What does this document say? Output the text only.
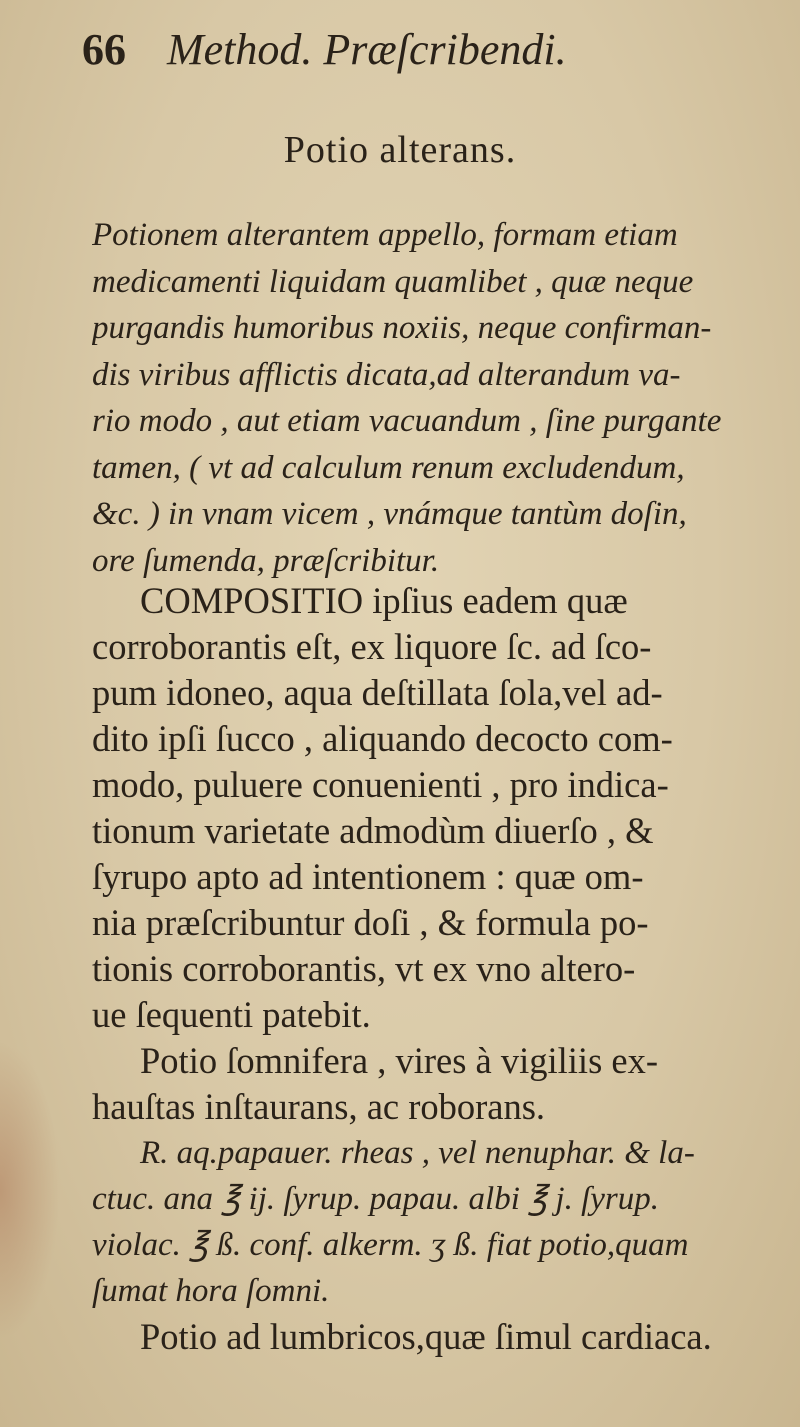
66 Method. Præſcribendi.
Potio alterans.
Potionem alterantem appello, formam etiam
medicamenti liquidam quamlibet , quæ neque
purgandis humoribus noxiis, neque confirman-
dis viribus afflictis dicata,ad alterandum va-
rio modo , aut etiam vacuandum , ſine purgante
tamen, ( vt ad calculum renum excludendum,
&c. ) in vnam vicem , vnámque tantùm doſin,
ore ſumenda, præſcribitur.
COMPOSITIO ipſius eadem quæ
corroborantis eſt, ex liquore ſc. ad ſco-
pum idoneo, aqua deſtillata ſola,vel ad-
dito ipſi ſucco , aliquando decocto com-
modo, puluere conuenienti , pro indica-
tionum varietate admodùm diuerſo , &
ſyrupo apto ad intentionem : quæ om-
nia præſcribuntur doſi , & formula po-
tionis corroborantis, vt ex vno altero-
ue ſequenti patebit.
Potio ſomnifera , vires à vigiliis ex-
hauſtas inſtaurans, ac roborans.
R. aq.papauer. rheas , vel nenuphar. & la-
ctuc. ana ℥ ij. ſyrup. papau. albi ℥ j. ſyrup.
violac. ℥ ß. conf. alkerm. ʒ ß. fiat potio,quam
ſumat hora ſomni.
Potio ad lumbricos,quæ ſimul cardiaca.
